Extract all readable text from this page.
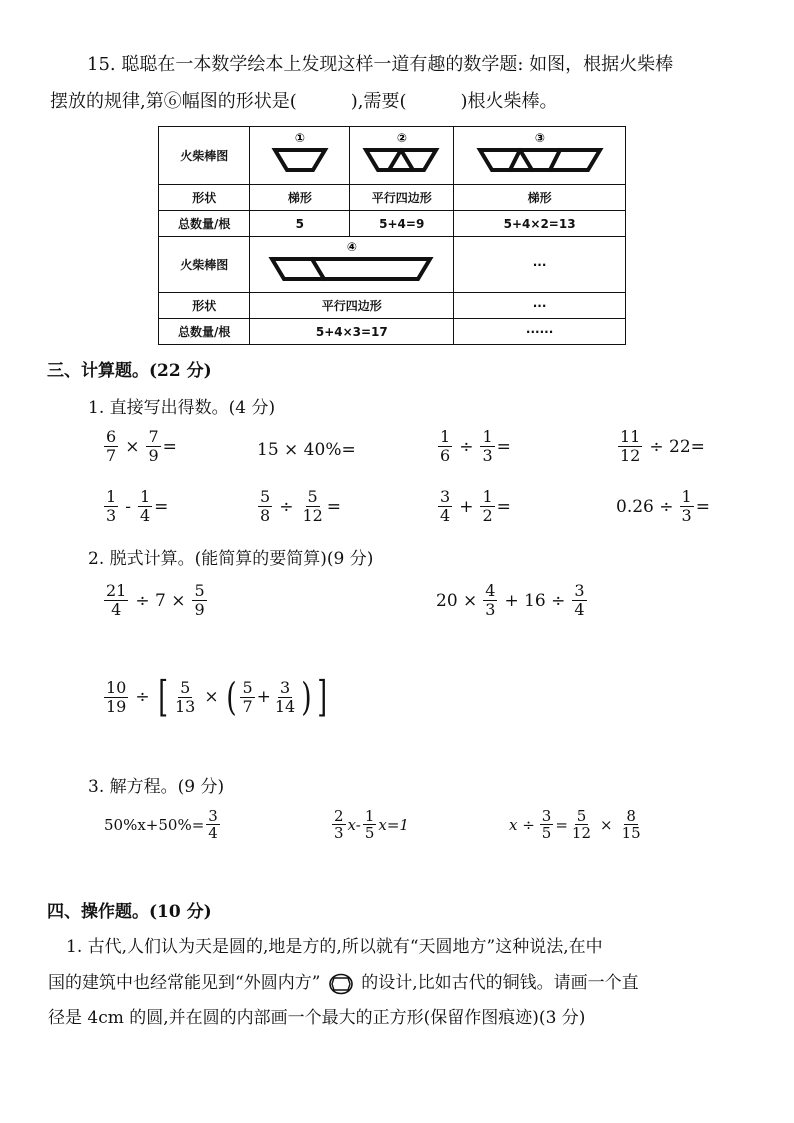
15. 聪聪在一本数学绘本上发现这样一道有趣的数学题: 如图，根据火柴棒
摆放的规律,第⑥幅图的形状是(　　　),需要(　　　)根火柴棒。
火柴棒图	①	②	③

形状	梯形	平行四边形	梯形
总数量/根	5	5+4=9	5+4×2=13
火柴棒图	④		···
形状	平行四边形		···
总数量/根	5+4×3=17		······
三、计算题。(22 分)
1. 直接写出得数。(4 分)
$\frac{6}{7} \times \frac{7}{9}$ =	15 × 40%=	$\frac{1}{6} \div \frac{1}{3}$ =	$\frac{11}{12} \div 22=$
$\frac{1}{3} - \frac{1}{4}$ =	$\frac{5}{8} \div \frac{5}{12}$ =	$\frac{3}{4} + \frac{1}{2}$ =	$0.26 \div \frac{1}{3}$ =
2. 脱式计算。(能简算的要简算)(9 分)
$\frac{21}{4} \div 7 \times \frac{5}{9}$	$20 \times \frac{4}{3} + 16 \div \frac{3}{4}$
$\frac{10}{19}$ ÷ [ $\frac{5}{13}$ × ( $\frac{5}{7} + \frac{3}{14}$ ) ]
3. 解方程。(9 分)
$50\%x+50\%= \frac{3}{4}$	$\frac{2}{3} x- \frac{1}{5} x=1$	$x \div \frac{3}{5} = \frac{5}{12} \times \frac{8}{15}$
四、操作题。(10 分)
1. 古代,人们认为天是圆的,地是方的,所以就有“天圆地方”这种说法,在中
国的建筑中也经常能见到“外圆内方” 的设计,比如古代的铜钱。请画一个直
径是 4cm 的圆,并在圆的内部画一个最大的正方形(保留作图痕迹)(3 分)
